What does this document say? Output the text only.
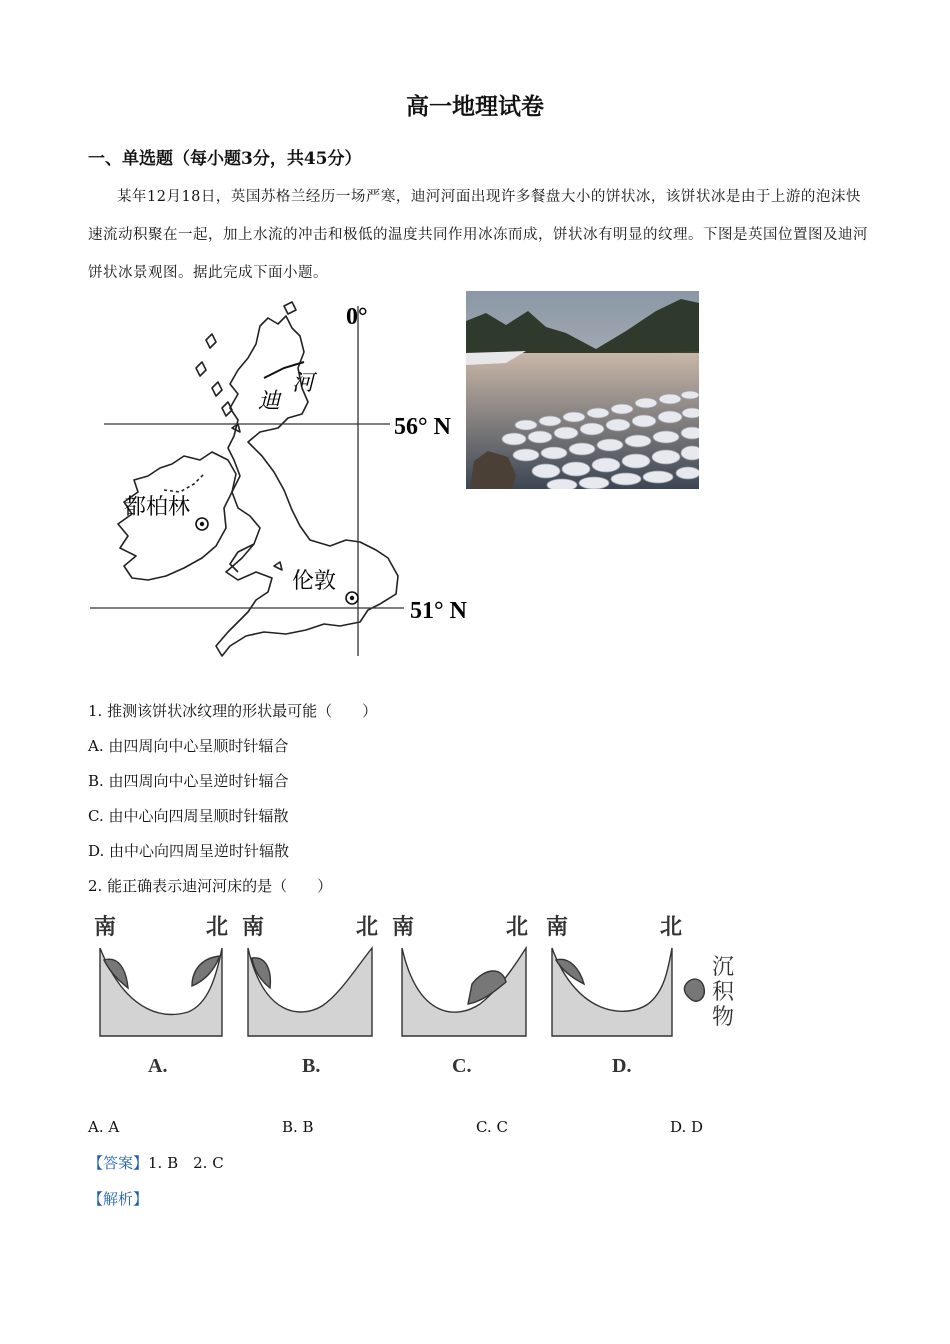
高一地理试卷
一、单选题（每小题3分，共45分）

某年12月18日，英国苏格兰经历一场严寒，迪河河面出现许多餐盘大小的饼状冰，该饼状冰是由于上游的泡沫快速流动积聚在一起，加上水流的冲击和极低的温度共同作用冰冻而成，饼状冰有明显的纹理。下图是英国位置图及迪河饼状冰景观图。据此完成下面小题。

0°
56° N
51° N
迪
河
都柏林
伦敦

1. 推测该饼状冰纹理的形状最可能（　　）

A. 由四周向中心呈顺时针辐合

B. 由四周向中心呈逆时针辐合

C. 由中心向四周呈顺时针辐散

D. 由中心向四周呈逆时针辐散

2. 能正确表示迪河河床的是（　　）

南	北 南	北 南	北 南	北
沉
积
物
A.	B.	C.	D.
A. A	B. B	C. C	D. D

【答案】1. B　2. C

【解析】
